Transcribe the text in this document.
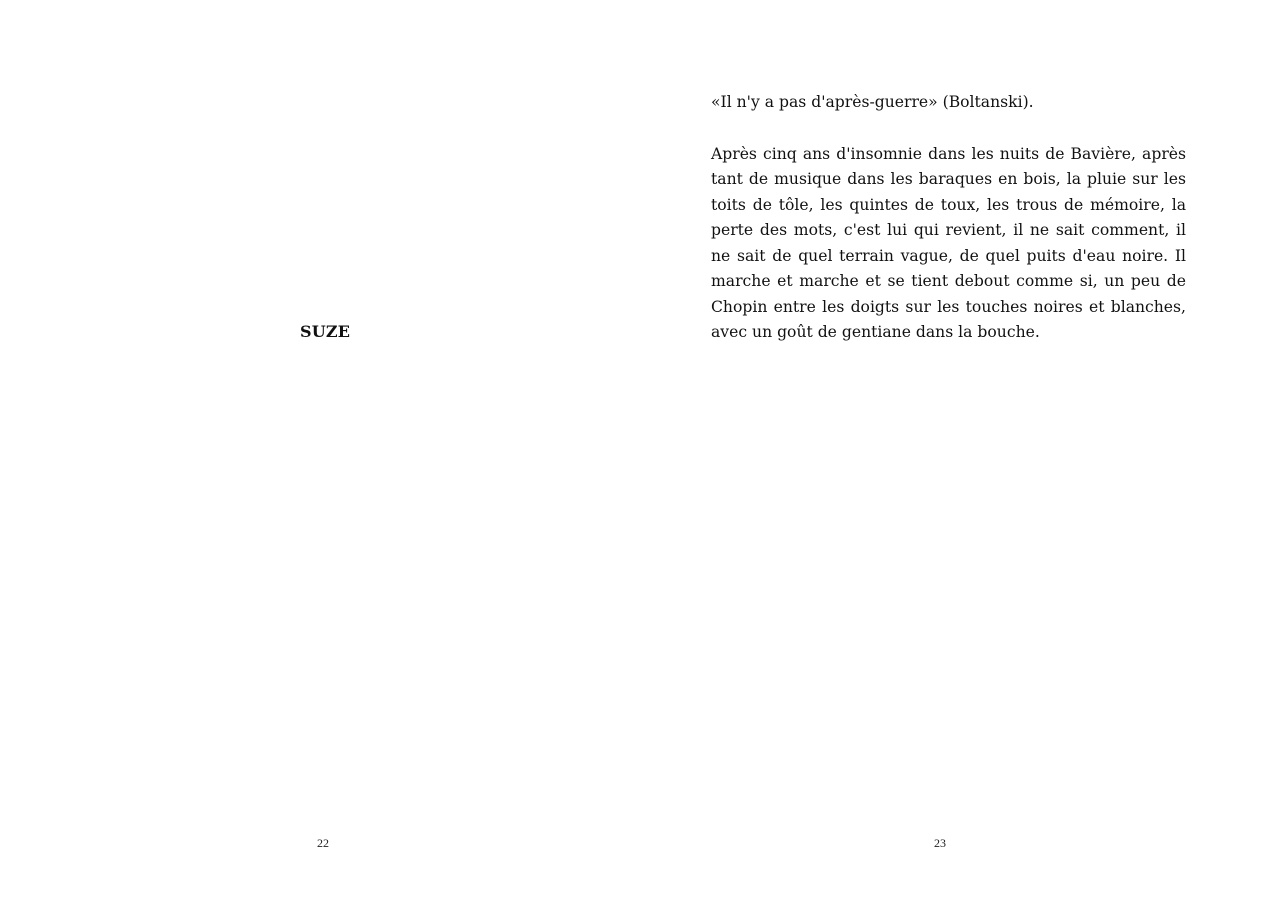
SUZE
22

«Il n'y a pas d'après-guerre» (Boltanski).

Après cinq ans d'insomnie dans les nuits de Bavière, après tant de musique dans les baraques en bois, la pluie sur les toits de tôle, les quintes de toux, les trous de mémoire, la perte des mots, c'est lui qui revient, il ne sait comment, il ne sait de quel terrain vague, de quel puits d'eau noire. Il marche et marche et se tient debout comme si, un peu de Chopin entre les doigts sur les touches noires et blanches, avec un goût de gentiane dans la bouche.

23
